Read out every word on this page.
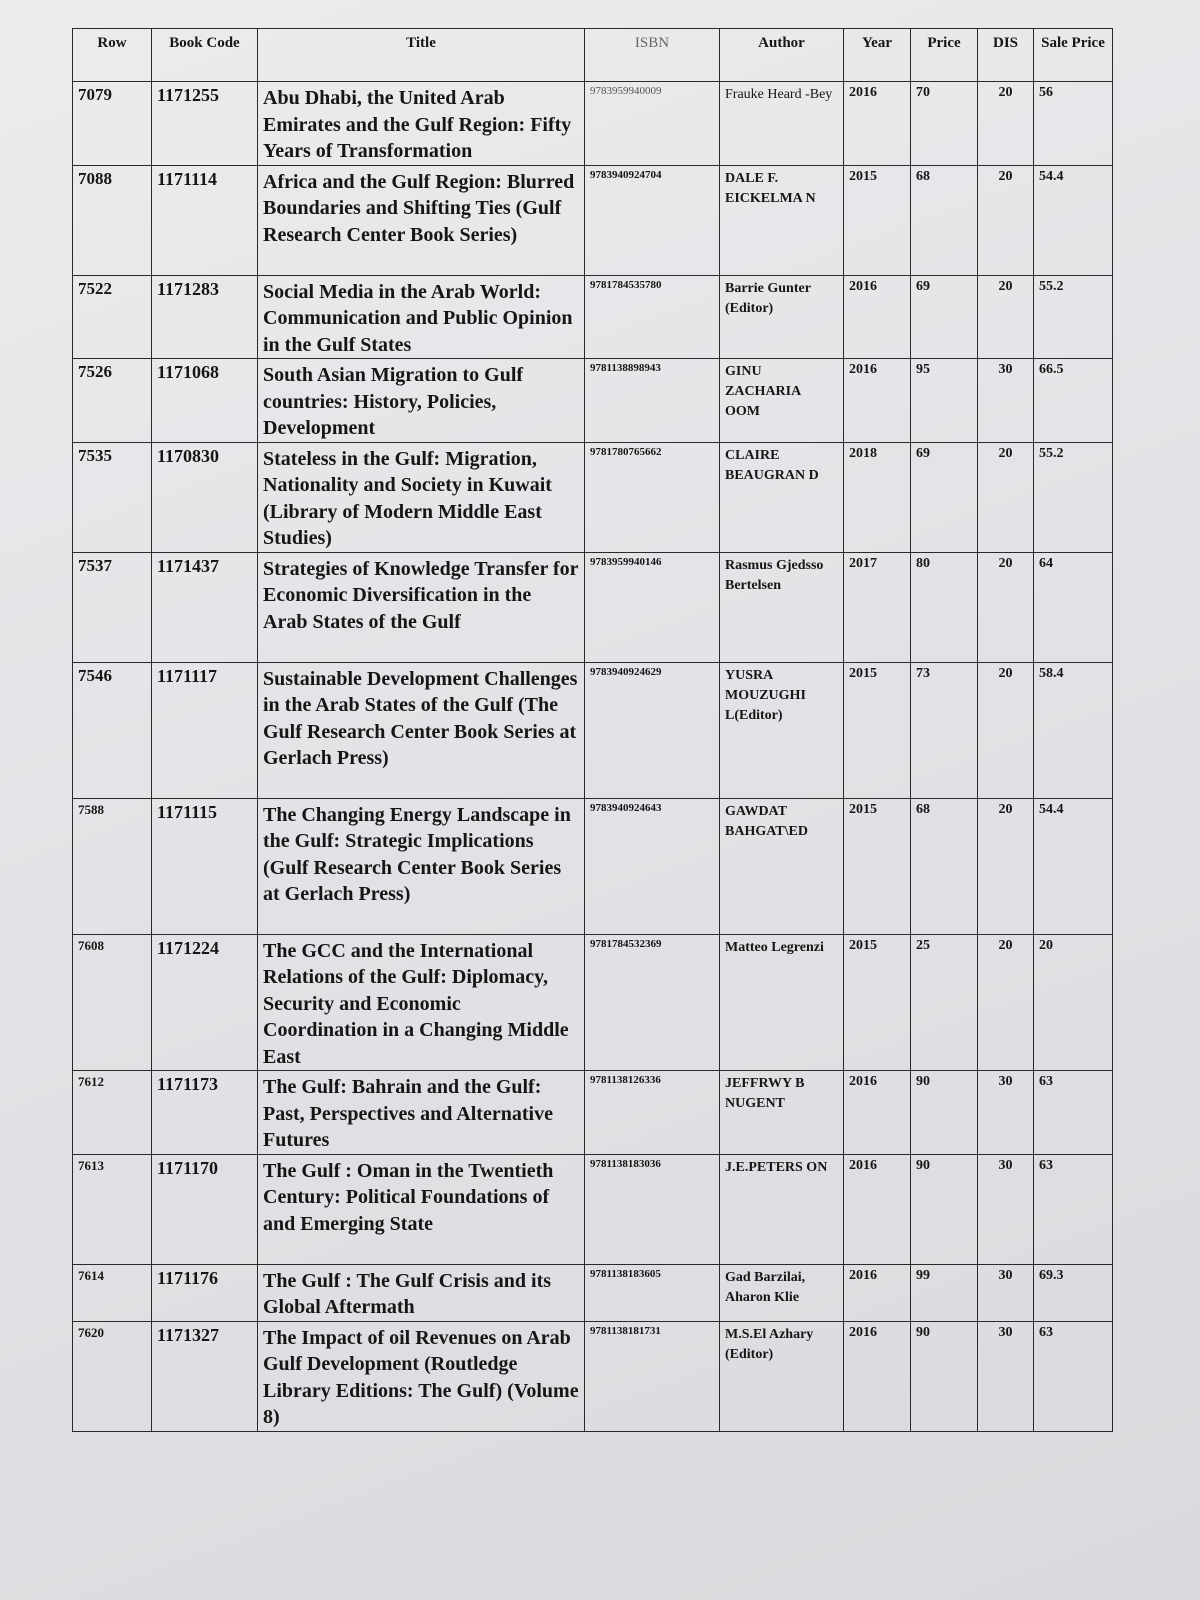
Row	Book Code	Title	ISBN	Author	Year	Price	DIS	Sale Price
7079	1171255	Abu Dhabi, the United Arab Emirates and the Gulf Region: Fifty Years of Transformation	9783959940009	Frauke Heard -Bey	2016	70	20	56
7088	1171114	Africa and the Gulf Region: Blurred Boundaries and Shifting Ties (Gulf Research Center Book Series)	9783940924704	DALE F. EICKELMA N	2015	68	20	54.4
7522	1171283	Social Media in the Arab World: Communication and Public Opinion in the Gulf States	9781784535780	Barrie Gunter (Editor)	2016	69	20	55.2
7526	1171068	South Asian Migration to Gulf countries: History, Policies, Development	9781138898943	GINU ZACHARIA OOM	2016	95	30	66.5
7535	1170830	Stateless in the Gulf: Migration, Nationality and Society in Kuwait (Library of Modern Middle East Studies)	9781780765662	CLAIRE BEAUGRAN D	2018	69	20	55.2
7537	1171437	Strategies of Knowledge Transfer for Economic Diversification in the Arab States of the Gulf	9783959940146	Rasmus Gjedsso Bertelsen	2017	80	20	64
7546	1171117	Sustainable Development Challenges in the Arab States of the Gulf (The Gulf Research Center Book Series at Gerlach Press)	9783940924629	YUSRA MOUZUGHI L(Editor)	2015	73	20	58.4
7588	1171115	The Changing Energy Landscape in the Gulf: Strategic Implications (Gulf Research Center Book Series at Gerlach Press)	9783940924643	GAWDAT BAHGAT\ED	2015	68	20	54.4
7608	1171224	The GCC and the International Relations of the Gulf: Diplomacy, Security and Economic Coordination in a Changing Middle East	9781784532369	Matteo Legrenzi	2015	25	20	20
7612	1171173	The Gulf: Bahrain and the Gulf: Past, Perspectives and Alternative Futures	9781138126336	JEFFRWY B NUGENT	2016	90	30	63
7613	1171170	The Gulf : Oman in the Twentieth Century: Political Foundations of and Emerging State	9781138183036	J.E.PETERS ON	2016	90	30	63
7614	1171176	The Gulf : The Gulf Crisis and its Global Aftermath	9781138183605	Gad Barzilai, Aharon Klie	2016	99	30	69.3
7620	1171327	The Impact of oil Revenues on Arab Gulf Development (Routledge Library Editions: The Gulf) (Volume 8)	9781138181731	M.S.El Azhary (Editor)	2016	90	30	63
